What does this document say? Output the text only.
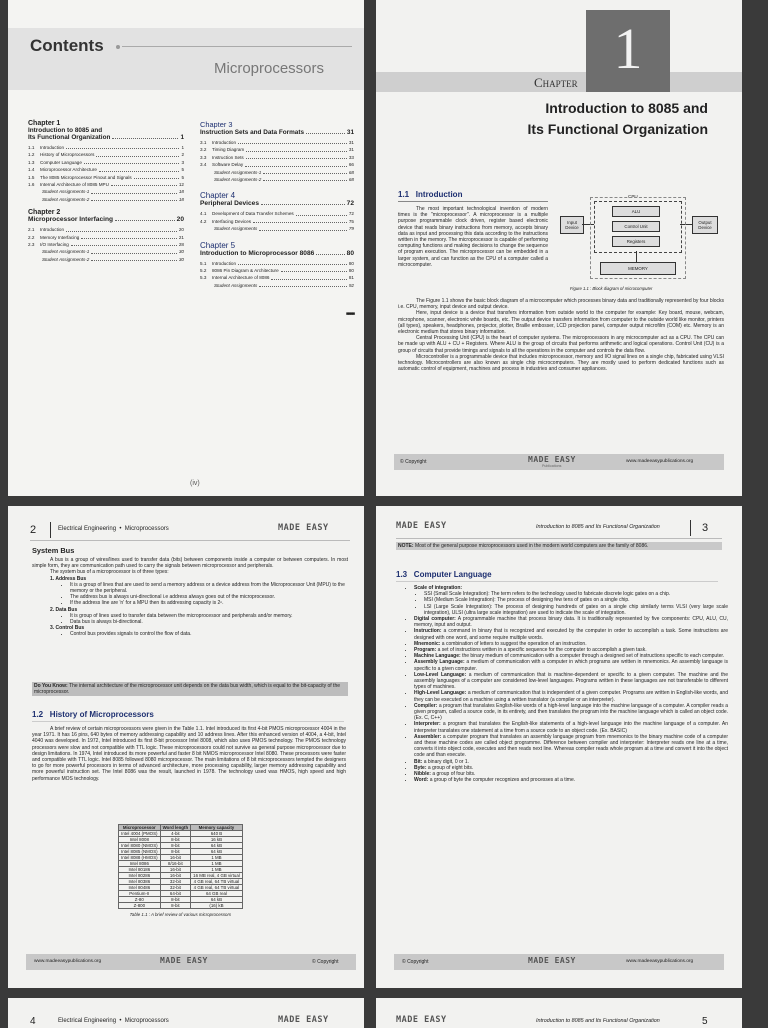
Contents
Microprocessors
Chapter 1
Introduction to 8085 and
Its Functional Organization	1
1.1	Introduction	1
1.2	History of Microprocessors	2
1.3	Computer Language	3
1.4	Microprocessor Architecture	5
1.5	The 8085 Microprocessor Pinout and Signals	5
1.6	Internal Architecture of 8085 MPU	12
Student Assignments-1	18
Student Assignments-2	18
Chapter 2
Microprocessor Interfacing	20
2.1	Introduction	20
2.2	Memory Interfacing	21
2.3	I/O Interfacing	28
Student Assignments-1	30
Student Assignments-2	30
Chapter 3
Instruction Sets and Data Formats	31
3.1	Introduction	31
3.2	Timing Diagram	31
3.3	Instruction Sets	33
3.4	Software Delay	66
Student Assignments-1	68
Student Assignments-2	68
Chapter 4
Peripheral Devices	72
4.1	Development of Data Transfer Schemes	72
4.2	Interfacing Devices	75
Student Assignments	79
Chapter 5
Introduction to Microprocessor 8086	80
5.1	Introduction	80
5.2	8086 Pin Diagram & Architecture	80
5.3	Internal Architecture of 8086	81
Student Assignments	92
■■■■
(iv)
1
Chapter
Introduction to 8085 and
Its Functional Organization
1.1 Introduction
The most important technological invention of modern times is the "microprocessor". A microprocessor is a multiple purpose programmable clock driven, register based electronic device that reads binary instructions from memory, accepts binary data as input and processing this data according to the instructions written in the memory. The microprocessor is capable of performing computing functions and making decisions to change the sequence of program execution. The microprocessor can be embedded in a larger system, and can function as the CPU of a computer called a microcomputer.
CPU
ALU
Input Device	Control Unit
Output Device
Registers
MEMORY
Figure 1.1 : Block diagram of microcomputer
The Figure 1.1 shows the basic block diagram of a microcomputer which processes binary data and traditionally represented by four blocks i.e. CPU, memory, input device and output device.
Here, input device is a device that transfers information from outside world to the computer for example: Key board, mouse, webcam, microphone, scanner, electronic white boards, etc. The output device transfers information from computer to the outside world like monitor, printers (all types), speakers, headphones, projector, plotter, Braille embosser, LCD projection panel, computer output microfilm (COM) etc. Memory is an electronic medium that stores binary information.
Central Processing Unit (CPU) is the heart of computer systems. The microprocessors in any microcomputer act as a CPU. The CPU can be made up with ALU + CU + Registers. Where ALU is the group of circuits that performs arithmetic and logical operations. Control Unit (CU) is a group of circuits that provide timings and signals to all the operations in the computer and controls the data flow.
Microcontroller is a programmable device that includes microprocessor, memory and I/O signal lines on a single chip, fabricated using VLSI technology. Microcontrollers are also known as single chip microcomputers. They are mostly used to perform dedicated functions such as automatic control of equipment, machines and process in industries and consumer appliances.
© Copyright	MADE EASY
Publications
www.madeeasypublications.org
2	Electrical Engineering  •  Microprocessors	MADE EASY
System Bus
A bus is a group of wires/lines used to transfer data (bits) between components inside a computer or between computers. In most simple form, they are communication path used to carry the signals between microprocessor and peripherals.
The system bus of a microprocessor is of three types:
1. Address Bus
• It is a group of lines that are used to send a memory address or a device address from the Microprocessor Unit (MPU) to the memory or the peripheral.
• The address bus is always uni-directional i.e address always goes out of the microprocessor.
• If the address line are 'n' for a MPU then its addressing capacity is 2ⁿ.
2. Data Bus
• It is group of lines used to transfer data between the microprocessor and peripherals and/or memory.
• Data bus is always bi-directional.
3. Control Bus
• Control bus provides signals to control the flow of data.
Do You Know: The internal architecture of the microprocessor unit depends on the data bus width, which is equal to the bit-capacity of the microprocessor.
1.2 History of Microprocessors
A brief review of certain microprocessors were given in the Table 1.1. Intel introduced its first 4-bit PMOS microprocessor 4004 in the year 1971. It has 16 pins, 640 bytes of memory addressing capability and 10 address lines. After this enhanced version of 4004, a 4-bit, Intel 4040 was developed. In 1972, Intel introduced its first 8-bit processor Intel 8008, which also uses PMOS technology. The PMOS technology processors were slow and not compatible with TTL logic. These microprocessors could not survive as general purpose microprocessor due to design limitations. In 1974, Intel introduced its more powerful and faster 8 bit NMOS microprocessor Intel 8080. These processors were faster and compatible with TTL logic. Intel 8085 followed 8080 microprocessor. The main limitations of 8 bit microprocessors tempted the designers to go for more powerful processors in terms of advanced architecture, more processing capability, larger memory addressing capability and more powerful instruction set. The Intel 8086 was the result, launched in 1978. The technology used was HMOS, high speed and high performance MOS technology.
Microprocessor	Word length	Memory capacity
Intel 4004 (PMOS)	4-bit	640 B
Intel 8008	8-bit	16 kB
Intel 8080 (NMOS)	8-bit	64 kB
Intel 8085 (NMOS)	8-bit	64 kB
Intel 8088 (HMOS)	16-bit	1 MB
Intel 8086	8/16-bit	1 MB
Intel 80186	16-bit	1 MB
Intel 80286	16-bit	16 MB real, 4 GB virtual
Intel 80386	32-bit	4 GB real, 64 TB virtual
Intel 80486	32-bit	4 GB real, 64 TB virtual
Pentium-II	64-bit	64 GB real
Z-80	8-bit	64 kB
Z-800	8-bit	(16) kB
Table 1.1 : A brief review of various microprocessors
www.madeeasypublications.org	MADE EASY	© Copyright
MADE EASY	Introduction to 8085 and Its Functional Organization	3
NOTE: Most of the general purpose microprocessors used in the modern world computers are the family of 8086.
1.3 Computer Language
• Scale of integration:
• SSI (Small Scale Integration): The term refers to the technology used to fabricate discrete logic gates on a chip.
• MSI (Medium Scale Integration): The process of designing few tens of gates on a single chip.
• LSI (Large Scale Integration): The process of designing hundreds of gates on a single chip similarly terms VLSI (very large scale integration), ULSI (ultra large scale integration) are used to indicate the scale of integration.
• Digital computer: A programmable machine that process binary data. It is traditionally represented by five components: CPU, ALU, CU, memory, input and output.
• Instruction: a command in binary that is recognized and executed by the computer in order to accomplish a task. Some instructions are designed with one word, and some require multiple words.
• Mnemonic: a combination of letters to suggest the operation of an instruction.
• Program: a set of instructions written in a specific sequence for the computer to accomplish a given task.
• Machine Language: the binary medium of communication with a computer through a designed set of instructions specific to each computer.
• Assembly Language: a medium of communication with a computer in which programs are written in mnemonics. An assembly language is specific to a given computer.
• Low-Level Language: a medium of communication that is machine-dependent or specific to a given computer. The machine and the assembly languages of a computer are considered low-level languages. Programs written in these languages are not transferable to different types of machines.
• High-Level Language: a medium of communication that is independent of a given computer. Programs are written in English-like words, and they can be executed on a machine using a written translator (a compiler or an interpreter).
• Compiler: a program that translates English-like words of a high-level language into the machine language of a computer. A compiler reads a given program, called a source code, in its entirety, and then translates the program into the machine language which is called an object code. (Ex. C, C++)
• Interpreter: a program that translates the English-like statements of a high-level language into the machine language of a computer. An interpreter translates one statement at a time from a source code to an object code. (Ex. BASIC)
• Assembler: a computer program that translates an assembly language program from mnemonics to the binary machine code of a computer and these machine codes are called object programme. Difference between compiler and interpreter: Interpreter reads one line at a time, converts it into object code, executes and then reads next line. Whereas compiler reads whole program at a time and convert it into the object code and than execute.
• Bit: a binary digit, 0 or 1.
• Byte: a group of eight bits.
• Nibble: a group of four bits.
• Word: a group of byte the computer recognizes and processes at a time.
© Copyright	MADE EASY	www.madeeasypublications.org
4	Electrical Engineering  •  Microprocessors	MADE EASY	MADE EASY	Introduction to 8085 and Its Functional Organization	5
